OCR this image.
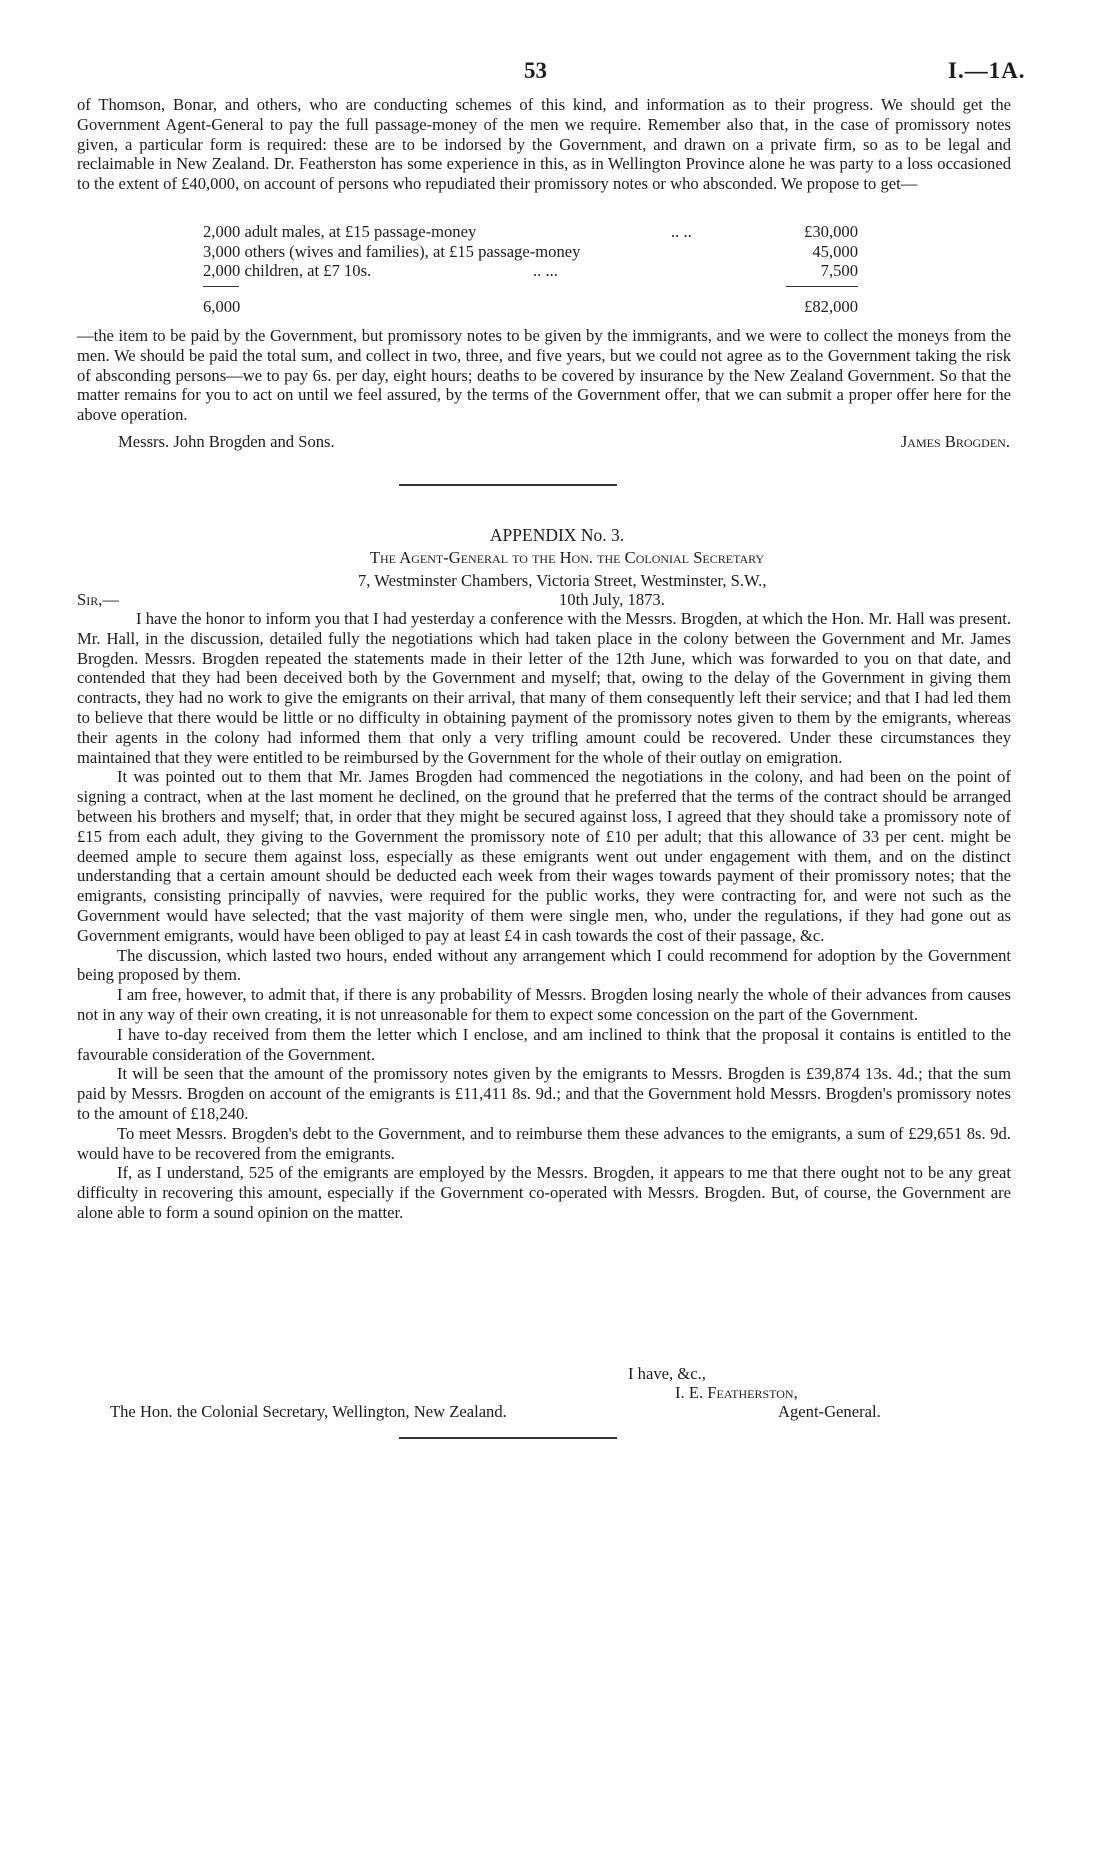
53	I.—1A.

of Thomson, Bonar, and others, who are conducting schemes of this kind, and information as to their progress. We should get the Government Agent-General to pay the full passage-money of the men we require. Remember also that, in the case of promissory notes given, a particular form is required: these are to be indorsed by the Government, and drawn on a private firm, so as to be legal and reclaimable in New Zealand. Dr. Featherston has some experience in this, as in Wellington Province alone he was party to a loss occasioned to the extent of £40,000, on account of persons who repudiated their promissory notes or who absconded. We propose to get—

2,000 adult males, at £15 passage-money	.. ..	£30,000
3,000 others (wives and families), at £15 passage-money	45,000
2,000 children, at £7 10s.	.. ...	7,500
6,000	£82,000

—the item to be paid by the Government, but promissory notes to be given by the immigrants, and we were to collect the moneys from the men. We should be paid the total sum, and collect in two, three, and five years, but we could not agree as to the Government taking the risk of absconding persons—we to pay 6s. per day, eight hours; deaths to be covered by insurance by the New Zealand Government. So that the matter remains for you to act on until we feel assured, by the terms of the Government offer, that we can submit a proper offer here for the above operation.

Messrs. John Brogden and Sons.	James Brogden.
APPENDIX No. 3.
The Agent-General to the Hon. the Colonial Secretary
7, Westminster Chambers, Victoria Street, Westminster, S.W.,
Sir,—	10th July, 1873.

I have the honor to inform you that I had yesterday a conference with the Messrs. Brogden, at which the Hon. Mr. Hall was present. Mr. Hall, in the discussion, detailed fully the negotiations which had taken place in the colony between the Government and Mr. James Brogden. Messrs. Brogden repeated the statements made in their letter of the 12th June, which was forwarded to you on that date, and contended that they had been deceived both by the Government and myself; that, owing to the delay of the Government in giving them contracts, they had no work to give the emigrants on their arrival, that many of them consequently left their service; and that I had led them to believe that there would be little or no difficulty in obtaining payment of the promissory notes given to them by the emigrants, whereas their agents in the colony had informed them that only a very trifling amount could be recovered. Under these circumstances they maintained that they were entitled to be reimbursed by the Government for the whole of their outlay on emigration.

It was pointed out to them that Mr. James Brogden had commenced the negotiations in the colony, and had been on the point of signing a contract, when at the last moment he declined, on the ground that he preferred that the terms of the contract should be arranged between his brothers and myself; that, in order that they might be secured against loss, I agreed that they should take a promissory note of £15 from each adult, they giving to the Government the promissory note of £10 per adult; that this allowance of 33 per cent. might be deemed ample to secure them against loss, especially as these emigrants went out under engagement with them, and on the distinct understanding that a certain amount should be deducted each week from their wages towards payment of their promissory notes; that the emigrants, consisting principally of navvies, were required for the public works, they were contracting for, and were not such as the Government would have selected; that the vast majority of them were single men, who, under the regulations, if they had gone out as Government emigrants, would have been obliged to pay at least £4 in cash towards the cost of their passage, &c.

The discussion, which lasted two hours, ended without any arrangement which I could recommend for adoption by the Government being proposed by them.

I am free, however, to admit that, if there is any probability of Messrs. Brogden losing nearly the whole of their advances from causes not in any way of their own creating, it is not unreasonable for them to expect some concession on the part of the Government.

I have to-day received from them the letter which I enclose, and am inclined to think that the proposal it contains is entitled to the favourable consideration of the Government.

It will be seen that the amount of the promissory notes given by the emigrants to Messrs. Brogden is £39,874 13s. 4d.; that the sum paid by Messrs. Brogden on account of the emigrants is £11,411 8s. 9d.; and that the Government hold Messrs. Brogden's promissory notes to the amount of £18,240.

To meet Messrs. Brogden's debt to the Government, and to reimburse them these advances to the emigrants, a sum of £29,651 8s. 9d. would have to be recovered from the emigrants.

If, as I understand, 525 of the emigrants are employed by the Messrs. Brogden, it appears to me that there ought not to be any great difficulty in recovering this amount, especially if the Government co-operated with Messrs. Brogden. But, of course, the Government are alone able to form a sound opinion on the matter.

I have, &c.,
I. E. Featherston,
The Hon. the Colonial Secretary, Wellington, New Zealand.	Agent-General.
